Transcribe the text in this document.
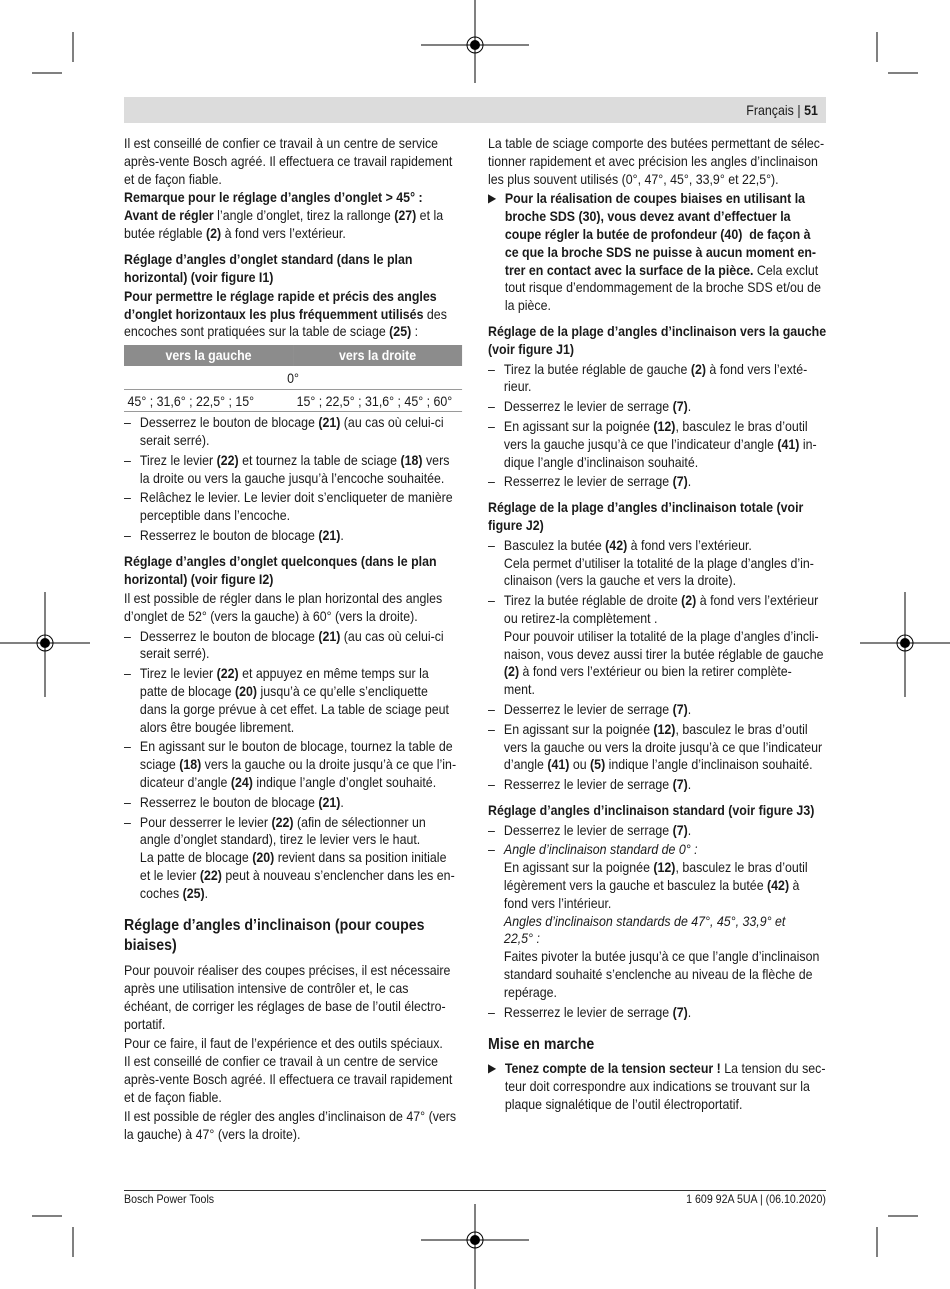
Français | 51
Il est conseillé de confier ce travail à un centre de service
après-vente Bosch agréé. Il effectuera ce travail rapidement
et de façon fiable.
Remarque pour le réglage d’angles d’onglet > 45° :
Avant de régler l’angle d’onglet, tirez la rallonge (27) et la
butée réglable (2) à fond vers l’extérieur.
Réglage d’angles d’onglet standard (dans le plan
horizontal) (voir figure I1)
Pour permettre le réglage rapide et précis des angles
d’onglet horizontaux les plus fréquemment utilisés des
encoches sont pratiquées sur la table de sciage (25) :
vers la gauche	vers la droite
0°	
45° ; 31,6° ; 22,5° ; 15°	15° ; 22,5° ; 31,6° ; 45° ; 60°
– Desserrez le bouton de blocage (21) (au cas où celui-ci
serait serré).
– Tirez le levier (22) et tournez la table de sciage (18) vers
la droite ou vers la gauche jusqu’à l’encoche souhaitée.
– Relâchez le levier. Le levier doit s’encliqueter de manière
perceptible dans l’encoche.
– Resserrez le bouton de blocage (21).
Réglage d’angles d’onglet quelconques (dans le plan
horizontal) (voir figure I2)
Il est possible de régler dans le plan horizontal des angles
d’onglet de 52° (vers la gauche) à 60° (vers la droite).
– Desserrez le bouton de blocage (21) (au cas où celui-ci
serait serré).
– Tirez le levier (22) et appuyez en même temps sur la
patte de blocage (20) jusqu’à ce qu’elle s’encliquette
dans la gorge prévue à cet effet. La table de sciage peut
alors être bougée librement.
– En agissant sur le bouton de blocage, tournez la table de
sciage (18) vers la gauche ou la droite jusqu’à ce que l’in-
dicateur d’angle (24) indique l’angle d’onglet souhaité.
– Resserrez le bouton de blocage (21).
– Pour desserrer le levier (22) (afin de sélectionner un
angle d’onglet standard), tirez le levier vers le haut.
La patte de blocage (20) revient dans sa position initiale
et le levier (22) peut à nouveau s’enclencher dans les en-
coches (25).
Réglage d’angles d’inclinaison (pour coupes
biaises)
Pour pouvoir réaliser des coupes précises, il est nécessaire
après une utilisation intensive de contrôler et, le cas
échéant, de corriger les réglages de base de l’outil électro-
portatif.
Pour ce faire, il faut de l’expérience et des outils spéciaux.
Il est conseillé de confier ce travail à un centre de service
après-vente Bosch agréé. Il effectuera ce travail rapidement
et de façon fiable.
Il est possible de régler des angles d’inclinaison de 47° (vers
la gauche) à 47° (vers la droite).
La table de sciage comporte des butées permettant de sélec-
tionner rapidement et avec précision les angles d’inclinaison
les plus souvent utilisés (0°, 47°, 45°, 33,9° et 22,5°).
▶ Pour la réalisation de coupes biaises en utilisant la
broche SDS (30), vous devez avant d’effectuer la
coupe régler la butée de profondeur (40)  de façon à
ce que la broche SDS ne puisse à aucun moment en-
trer en contact avec la surface de la pièce. Cela exclut
tout risque d’endommagement de la broche SDS et/ou de
la pièce.
Réglage de la plage d’angles d’inclinaison vers la gauche
(voir figure J1)
– Tirez la butée réglable de gauche (2) à fond vers l’exté-
rieur.
– Desserrez le levier de serrage (7).
– En agissant sur la poignée (12), basculez le bras d’outil
vers la gauche jusqu’à ce que l’indicateur d’angle (41) in-
dique l’angle d’inclinaison souhaité.
– Resserrez le levier de serrage (7).
Réglage de la plage d’angles d’inclinaison totale (voir
figure J2)
– Basculez la butée (42) à fond vers l’extérieur.
Cela permet d’utiliser la totalité de la plage d’angles d’in-
clinaison (vers la gauche et vers la droite).
– Tirez la butée réglable de droite (2) à fond vers l’extérieur
ou retirez-la complètement .
Pour pouvoir utiliser la totalité de la plage d’angles d’incli-
naison, vous devez aussi tirer la butée réglable de gauche
(2) à fond vers l’extérieur ou bien la retirer complète-
ment.
– Desserrez le levier de serrage (7).
– En agissant sur la poignée (12), basculez le bras d’outil
vers la gauche ou vers la droite jusqu’à ce que l’indicateur
d’angle (41) ou (5) indique l’angle d’inclinaison souhaité.
– Resserrez le levier de serrage (7).
Réglage d’angles d’inclinaison standard (voir figure J3)
– Desserrez le levier de serrage (7).
– Angle d’inclinaison standard de 0° :
En agissant sur la poignée (12), basculez le bras d’outil
légèrement vers la gauche et basculez la butée (42) à
fond vers l’intérieur.
Angles d’inclinaison standards de 47°, 45°, 33,9° et
22,5° :
Faites pivoter la butée jusqu’à ce que l’angle d’inclinaison
standard souhaité s’enclenche au niveau de la flèche de
repérage.
– Resserrez le levier de serrage (7).
Mise en marche
▶ Tenez compte de la tension secteur ! La tension du sec-
teur doit correspondre aux indications se trouvant sur la
plaque signalétique de l’outil électroportatif.
Bosch Power Tools	1 609 92A 5UA | (06.10.2020)
